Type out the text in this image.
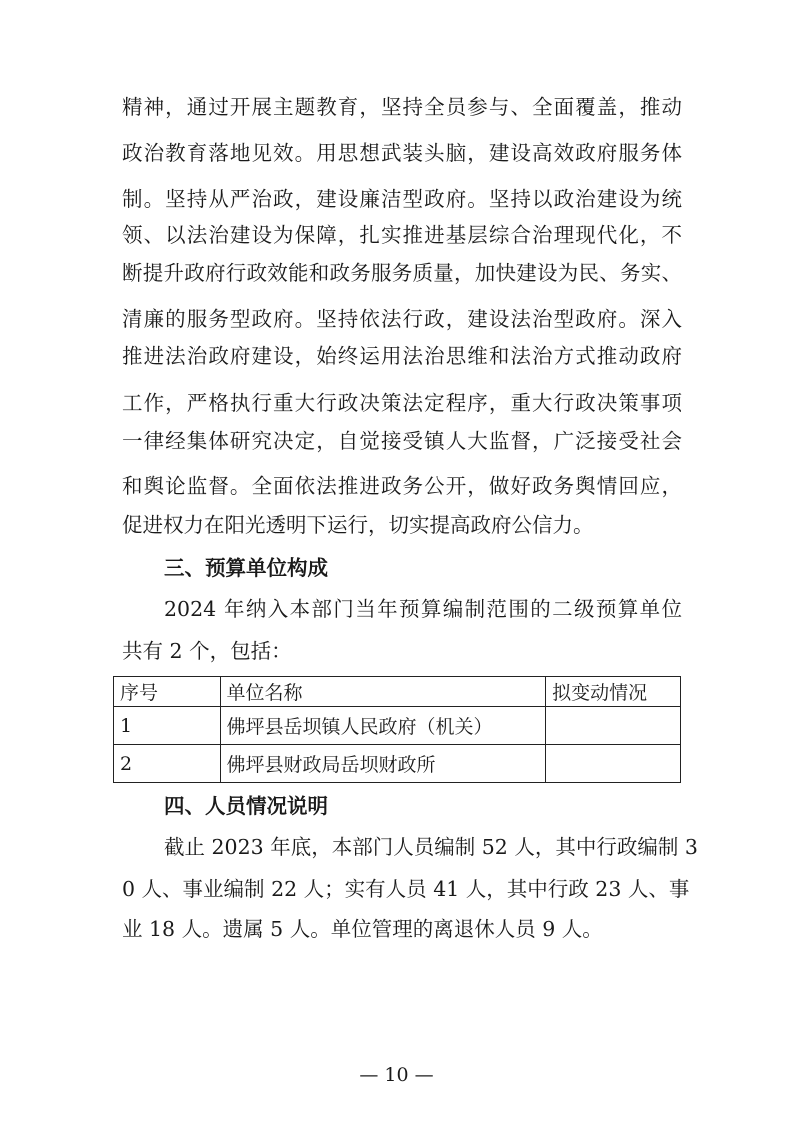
精神，通过开展主题教育，坚持全员参与、全面覆盖，推动
政治教育落地见效。用思想武装头脑，建设高效政府服务体
制。坚持从严治政，建设廉洁型政府。坚持以政治建设为统
领、以法治建设为保障，扎实推进基层综合治理现代化，不
断提升政府行政效能和政务服务质量，加快建设为民、务实、
清廉的服务型政府。坚持依法行政，建设法治型政府。深入
推进法治政府建设，始终运用法治思维和法治方式推动政府
工作，严格执行重大行政决策法定程序，重大行政决策事项
一律经集体研究决定，自觉接受镇人大监督，广泛接受社会
和舆论监督。全面依法推进政务公开，做好政务舆情回应，
促进权力在阳光透明下运行，切实提高政府公信力。
三、预算单位构成
2024 年纳入本部门当年预算编制范围的二级预算单位
共有 2 个，包括：
序号	单位名称	拟变动情况
1	佛坪县岳坝镇人民政府（机关）	
2	佛坪县财政局岳坝财政所	
四、人员情况说明
截止 2023 年底，本部门人员编制 52 人，其中行政编制 3
0 人、事业编制 22 人；实有人员 41 人，其中行政 23 人、事
业 18 人。遗属 5 人。单位管理的离退休人员 9 人。
— 10 —
